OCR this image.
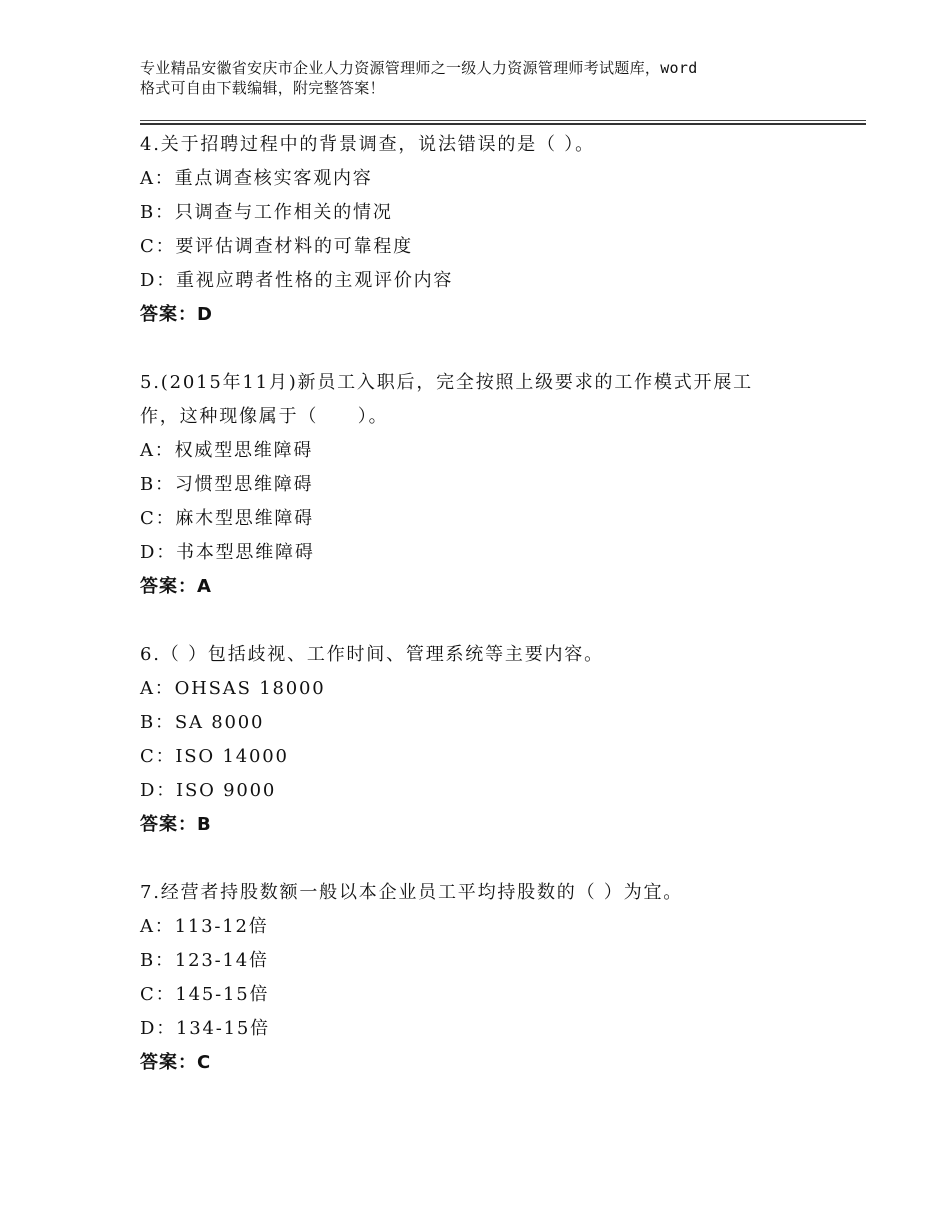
专业精品安徽省安庆市企业人力资源管理师之一级人力资源管理师考试题库，word
格式可自由下载编辑，附完整答案！
4.关于招聘过程中的背景调查，说法错误的是（ ）。
A：重点调查核实客观内容
B：只调查与工作相关的情况
C：要评估调查材料的可靠程度
D：重视应聘者性格的主观评价内容
答案：D
5.(2015年11月)新员工入职后，完全按照上级要求的工作模式开展工
作，这种现像属于（　　）。
A：权威型思维障碍
B：习惯型思维障碍
C：麻木型思维障碍
D：书本型思维障碍
答案：A
6.（ ）包括歧视、工作时间、管理系统等主要内容。
A：OHSAS 18000
B：SA 8000
C：ISO 14000
D：ISO 9000
答案：B
7.经营者持股数额一般以本企业员工平均持股数的（ ）为宜。
A：113-12倍
B：123-14倍
C：145-15倍
D：134-15倍
答案：C
